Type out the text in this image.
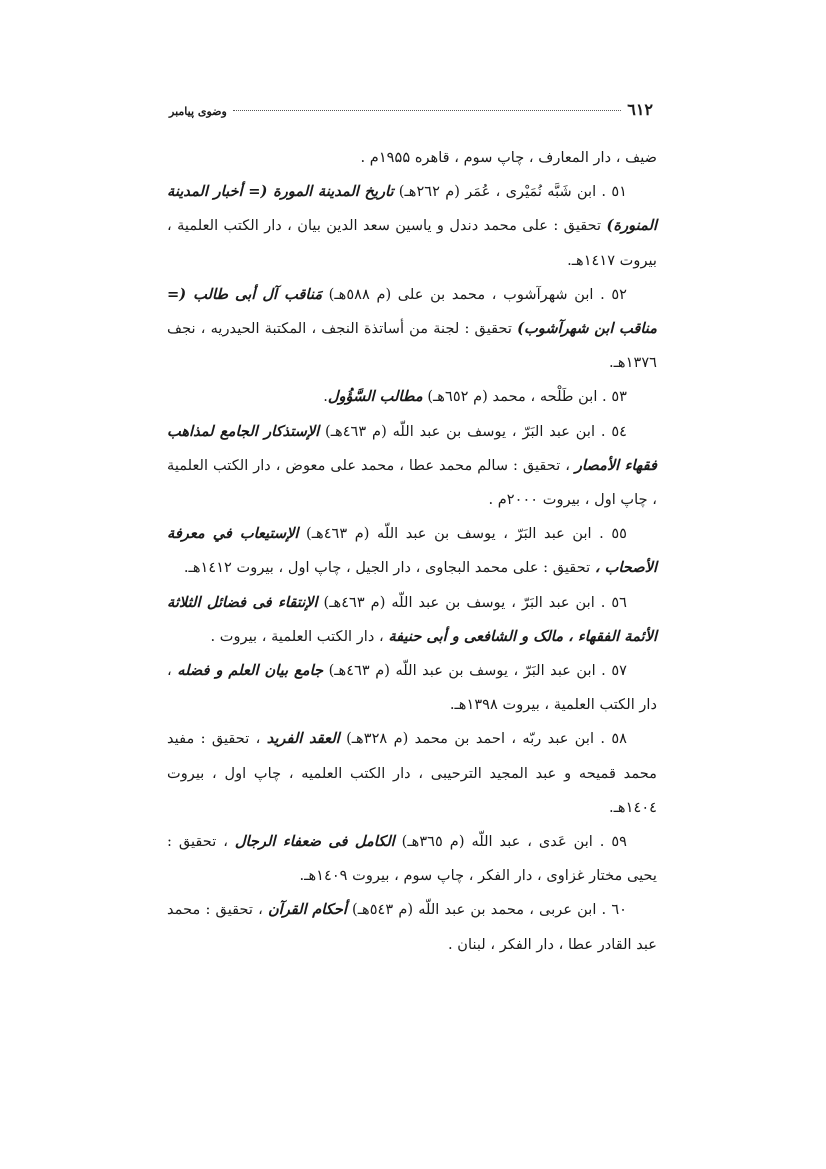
٦١٢
وضوی پیامبر

ضیف ، دار المعارف ، چاپ سوم ، قاهره ۱۹۵۵م .

٥١ . ابن شَبَّه نُمَیْری ، عُمَر (م ٢٦٢هـ) تاریخ المدینة المورة (= أخبار المدینة المنورة) تحقیق : علی محمد دندل و یاسین سعد الدین بیان ، دار الکتب العلمیة ، بیروت ١٤١٧هـ.

٥٢ . ابن شهرآشوب ، محمد بن علی (م ٥٨٨هـ) مَناقب آل أبی طالب (= مناقب ابن شهرآشوب) تحقیق : لجنة من أساتذة النجف ، المکتبة الحیدریه ، نجف ١٣٧٦هـ.

٥٣ . ابن طَلْحه ، محمد (م ٦٥٢هـ) مطالب السَّؤُول.

٥٤ . ابن عبد البَرّ ، یوسف بن عبد اللّه (م ٤٦٣هـ) الإستذکار الجامع لمذاهب فقهاء الأمصار ، تحقیق : سالم محمد عطا ، محمد علی معوض ، دار الکتب العلمیة ، چاپ اول ، بیروت ٢٠٠٠م .

٥٥ . ابن عبد البَرّ ، یوسف بن عبد اللّه (م ٤٦٣هـ) الإستیعاب في معرفة الأصحاب ، تحقیق : علی محمد البجاوی ، دار الجیل ، چاپ اول ، بیروت ١٤١٢هـ.

٥٦ . ابن عبد البَرّ ، یوسف بن عبد اللّه (م ٤٦٣هـ) الإنتقاء فی فضائل الثلاثة الأئمة الفقهاء ، مالک و الشافعی و أبی حنیفة ، دار الکتب العلمیة ، بیروت .

٥٧ . ابن عبد البَرّ ، یوسف بن عبد اللّه (م ٤٦٣هـ) جامع بیان العلم و فضله ، دار الکتب العلمیة ، بیروت ١٣٩٨هـ.

٥٨ . ابن عبد ربّه ، احمد بن محمد (م ٣٢٨هـ) العقد الفرید ، تحقیق : مفید محمد قمیحه و عبد المجید الترحیبی ، دار الکتب العلمیه ، چاپ اول ، بیروت ١٤٠٤هـ.

٥٩ . ابن عَدی ، عبد اللّه (م ٣٦٥هـ) الکامل فی ضعفاء الرجال ، تحقیق : یحیی مختار غزاوی ، دار الفکر ، چاپ سوم ، بیروت ١٤٠٩هـ.

٦٠ . ابن عربی ، محمد بن عبد اللّه (م ٥٤٣هـ) أحکام القرآن ، تحقیق : محمد عبد القادر عطا ، دار الفکر ، لبنان .
